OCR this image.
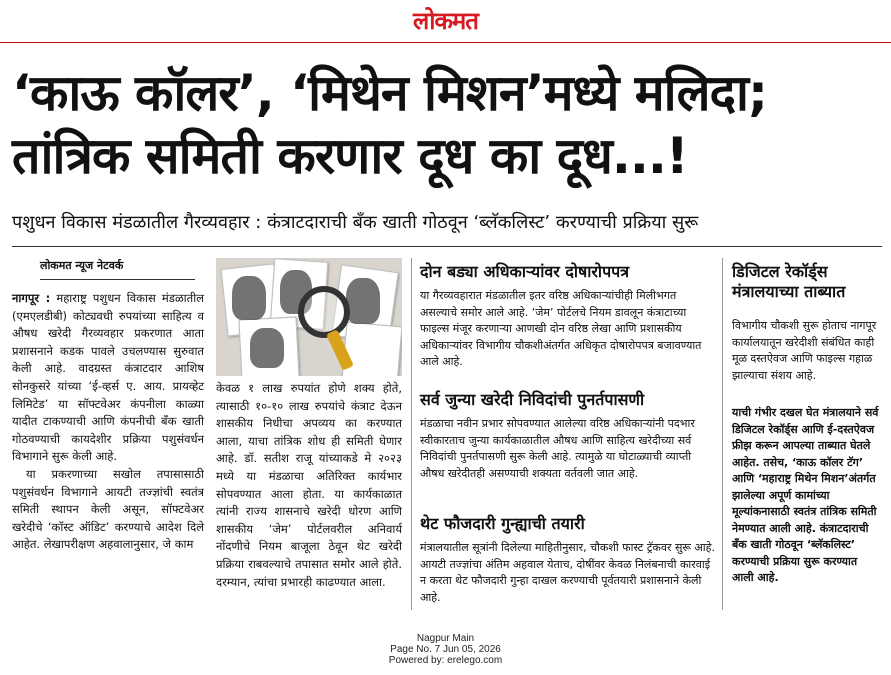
लोकमत
‘काऊ कॉलर’, ‘मिथेन मिशन’मध्ये मलिदा; तांत्रिक समिती करणार दूध का दूध...!
पशुधन विकास मंडळातील गैरव्यवहार : कंत्राटदाराची बँक खाती गोठवून ‘ब्लॅकलिस्ट’ करण्याची प्रक्रिया सुरू
लोकमत न्यूज नेटवर्क
नागपूर : महाराष्ट्र पशुधन विकास मंडळातील (एमएलडीबी) कोट्यवधी रुपयांच्या साहित्य व औषध खरेदी गैरव्यवहार प्रकरणात आता प्रशासनाने कडक पावले उचलण्यास सुरुवात केली आहे. वादग्रस्त कंत्राटदार आशिष सोनकुसरे यांच्या ‘ई-व्हर्स ए. आय. प्रायव्हेट लिमिटेड’ या सॉफ्टवेअर कंपनीला काळ्या यादीत टाकण्याची आणि कंपनीची बँक खाती गोठवण्याची कायदेशीर प्रक्रिया पशुसंवर्धन विभागाने सुरू केली आहे.
या प्रकरणाच्या सखोल तपासासाठी पशुसंवर्धन विभागाने आयटी तज्ज्ञांची स्वतंत्र समिती स्थापन केली असून, सॉफ्टवेअर खरेदीचे ‘कॉस्ट ऑडिट’ करण्याचे आदेश दिले आहेत. लेखापरीक्षण अहवालानुसार, जे काम
केवळ १ लाख रुपयांत होणे शक्य होते, त्यासाठी १०-१० लाख रुपयांचे कंत्राट देऊन शासकीय निधीचा अपव्यय का करण्यात आला, याचा तांत्रिक शोध ही समिती घेणार आहे. डॉ. सतीश राजू यांच्याकडे मे २०२३ मध्ये या मंडळाचा अतिरिक्त कार्यभार सोपवण्यात आला होता. या कार्यकाळात त्यांनी राज्य शासनाचे खरेदी धोरण आणि शासकीय ‘जेम’ पोर्टलवरील अनिवार्य नोंदणीचे नियम बाजूला ठेवून थेट खरेदी प्रक्रिया राबवल्याचे तपासात समोर आले होते. दरम्यान, त्यांचा प्रभारही काढण्यात आला.
दोन बड्या अधिकाऱ्यांवर दोषारोपपत्र
या गैरव्यवहारात मंडळातील इतर वरिष्ठ अधिकाऱ्यांचीही मिलीभगत असल्याचे समोर आले आहे. ‘जेम’ पोर्टलचे नियम डावलून कंत्राटाच्या फाइल्स मंजूर करणाऱ्या आणखी दोन वरिष्ठ लेखा आणि प्रशासकीय अधिकाऱ्यांवर विभागीय चौकशीअंतर्गत अधिकृत दोषारोपपत्र बजावण्यात आले आहे.
सर्व जुन्या खरेदी निविदांची पुनर्तपासणी
मंडळाचा नवीन प्रभार सोपवण्यात आलेल्या वरिष्ठ अधिकाऱ्यांनी पदभार स्वीकारताच जुन्या कार्यकाळातील औषध आणि साहित्य खरेदीच्या सर्व निविदांची पुनर्तपासणी सुरू केली आहे. त्यामुळे या घोटाळ्याची व्याप्ती औषध खरेदीतही असण्याची शक्यता वर्तवली जात आहे.
थेट फौजदारी गुन्ह्याची तयारी
मंत्रालयातील सूत्रांनी दिलेल्या माहितीनुसार, चौकशी फास्ट ट्रॅकवर सुरू आहे. आयटी तज्ज्ञांचा अंतिम अहवाल येताच, दोषींवर केवळ निलंबनाची कारवाई न करता थेट फौजदारी गुन्हा दाखल करण्याची पूर्वतयारी प्रशासनाने केली आहे.
डिजिटल रेकॉर्ड्स मंत्रालयाच्या ताब्यात
विभागीय चौकशी सुरू होताच नागपूर कार्यालयातून खरेदीशी संबंधित काही मूळ दस्तऐवज आणि फाइल्स गहाळ झाल्याचा संशय आहे.
याची गंभीर दखल घेत मंत्रालयाने सर्व डिजिटल रेकॉर्ड्स आणि ई-दस्तऐवज फ्रीझ करून आपल्या ताब्यात घेतले आहेत. तसेच, ‘काऊ कॉलर टॅग’ आणि ‘महाराष्ट्र मिथेन मिशन’अंतर्गत झालेल्या अपूर्ण कामांच्या मूल्यांकनासाठी स्वतंत्र तांत्रिक समिती नेमण्यात आली आहे. कंत्राटदाराची बँक खाती गोठवून ‘ब्लॅकलिस्ट’ करण्याची प्रक्रिया सुरू करण्यात आली आहे.
Nagpur Main
Page No. 7 Jun 05, 2026
Powered by: erelego.com
